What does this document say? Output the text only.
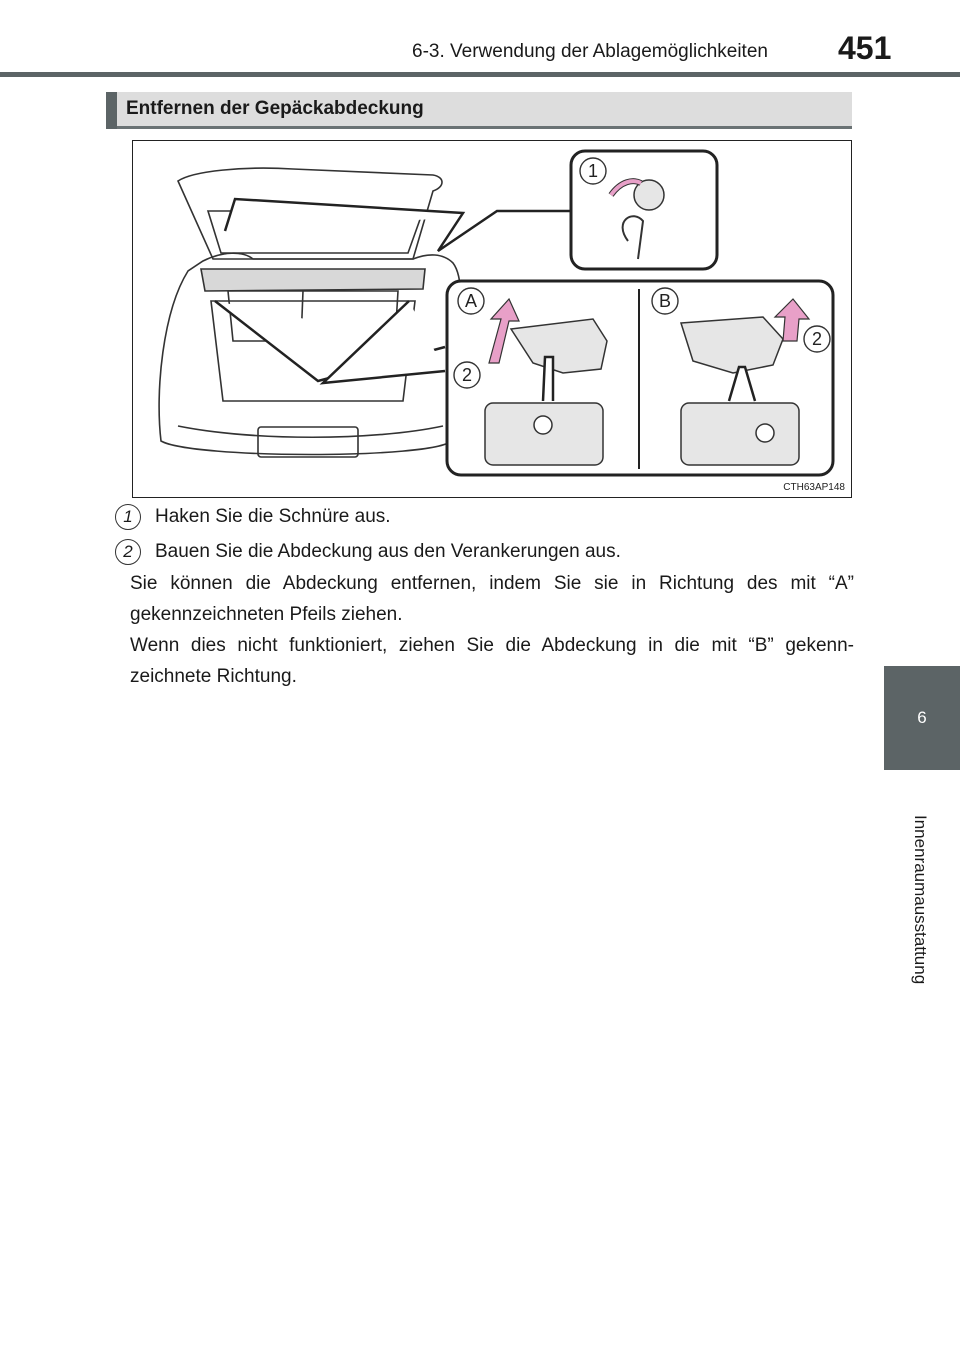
6-3. Verwendung der Ablagemöglichkeiten 451
6
Innenraumausstattung
Entfernen der Gepäckabdeckung
1
A
2
B
2
CTH63AP148
1	Haken Sie die Schnüre aus.
2	Bauen Sie die Abdeckung aus den Verankerungen aus.
Sie können die Abdeckung entfernen, indem Sie sie in Richtung des mit “A”
gekennzeichneten Pfeils ziehen.
Wenn dies nicht funktioniert, ziehen Sie die Abdeckung in die mit “B” gekenn-
zeichnete Richtung.
